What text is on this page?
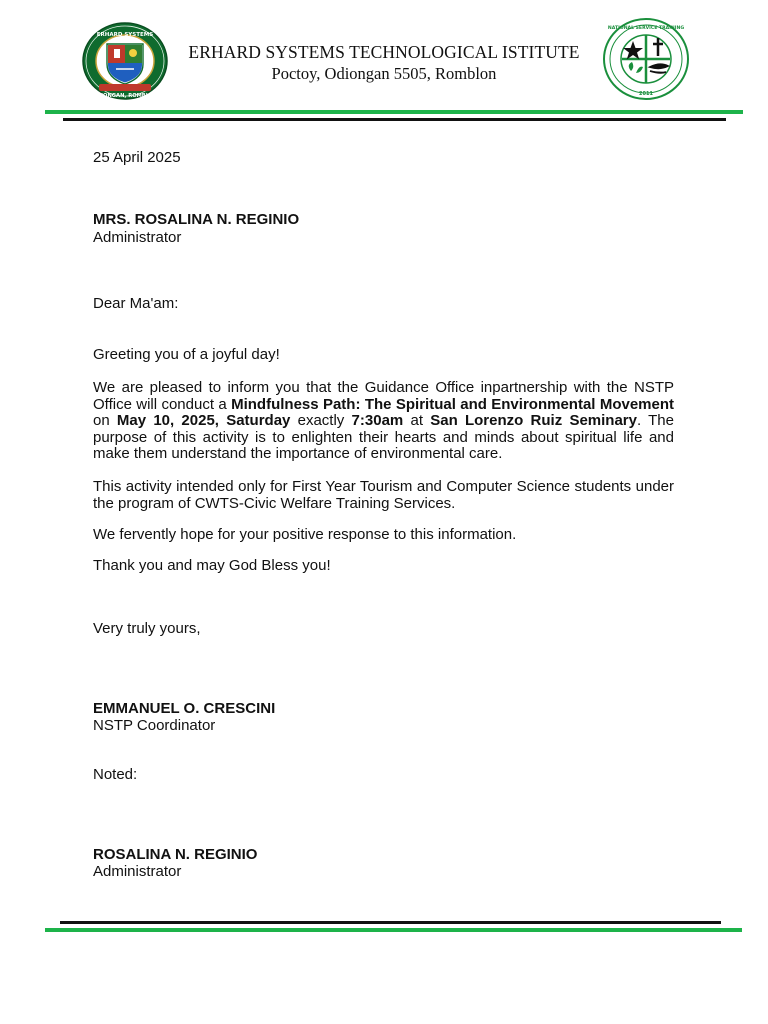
ERHARD SYSTEMS
ODIONGAN, ROMBLON
ERHARD SYSTEMS TECHNOLOGICAL ISTITUTE
Poctoy, Odiongan 5505, Romblon
NATIONAL SERVICE TRAINING
2011
25 April 2025
MRS. ROSALINA N. REGINIO
Administrator
Dear Ma'am:
Greeting you of a joyful day!
We are pleased to inform you that the Guidance Office inpartnership with the NSTP Office will conduct a Mindfulness Path: The Spiritual and Environmental Movement on May 10, 2025, Saturday exactly 7:30am at San Lorenzo Ruiz Seminary. The purpose of this activity is to enlighten their hearts and minds about spiritual life and make them understand the importance of environmental care.
This activity intended only for First Year Tourism and Computer Science students under the program of CWTS-Civic Welfare Training Services.
We fervently hope for your positive response to this information.
Thank you and may God Bless you!
Very truly yours,
EMMANUEL O. CRESCINI
NSTP Coordinator
Noted:
ROSALINA N. REGINIO
Administrator
